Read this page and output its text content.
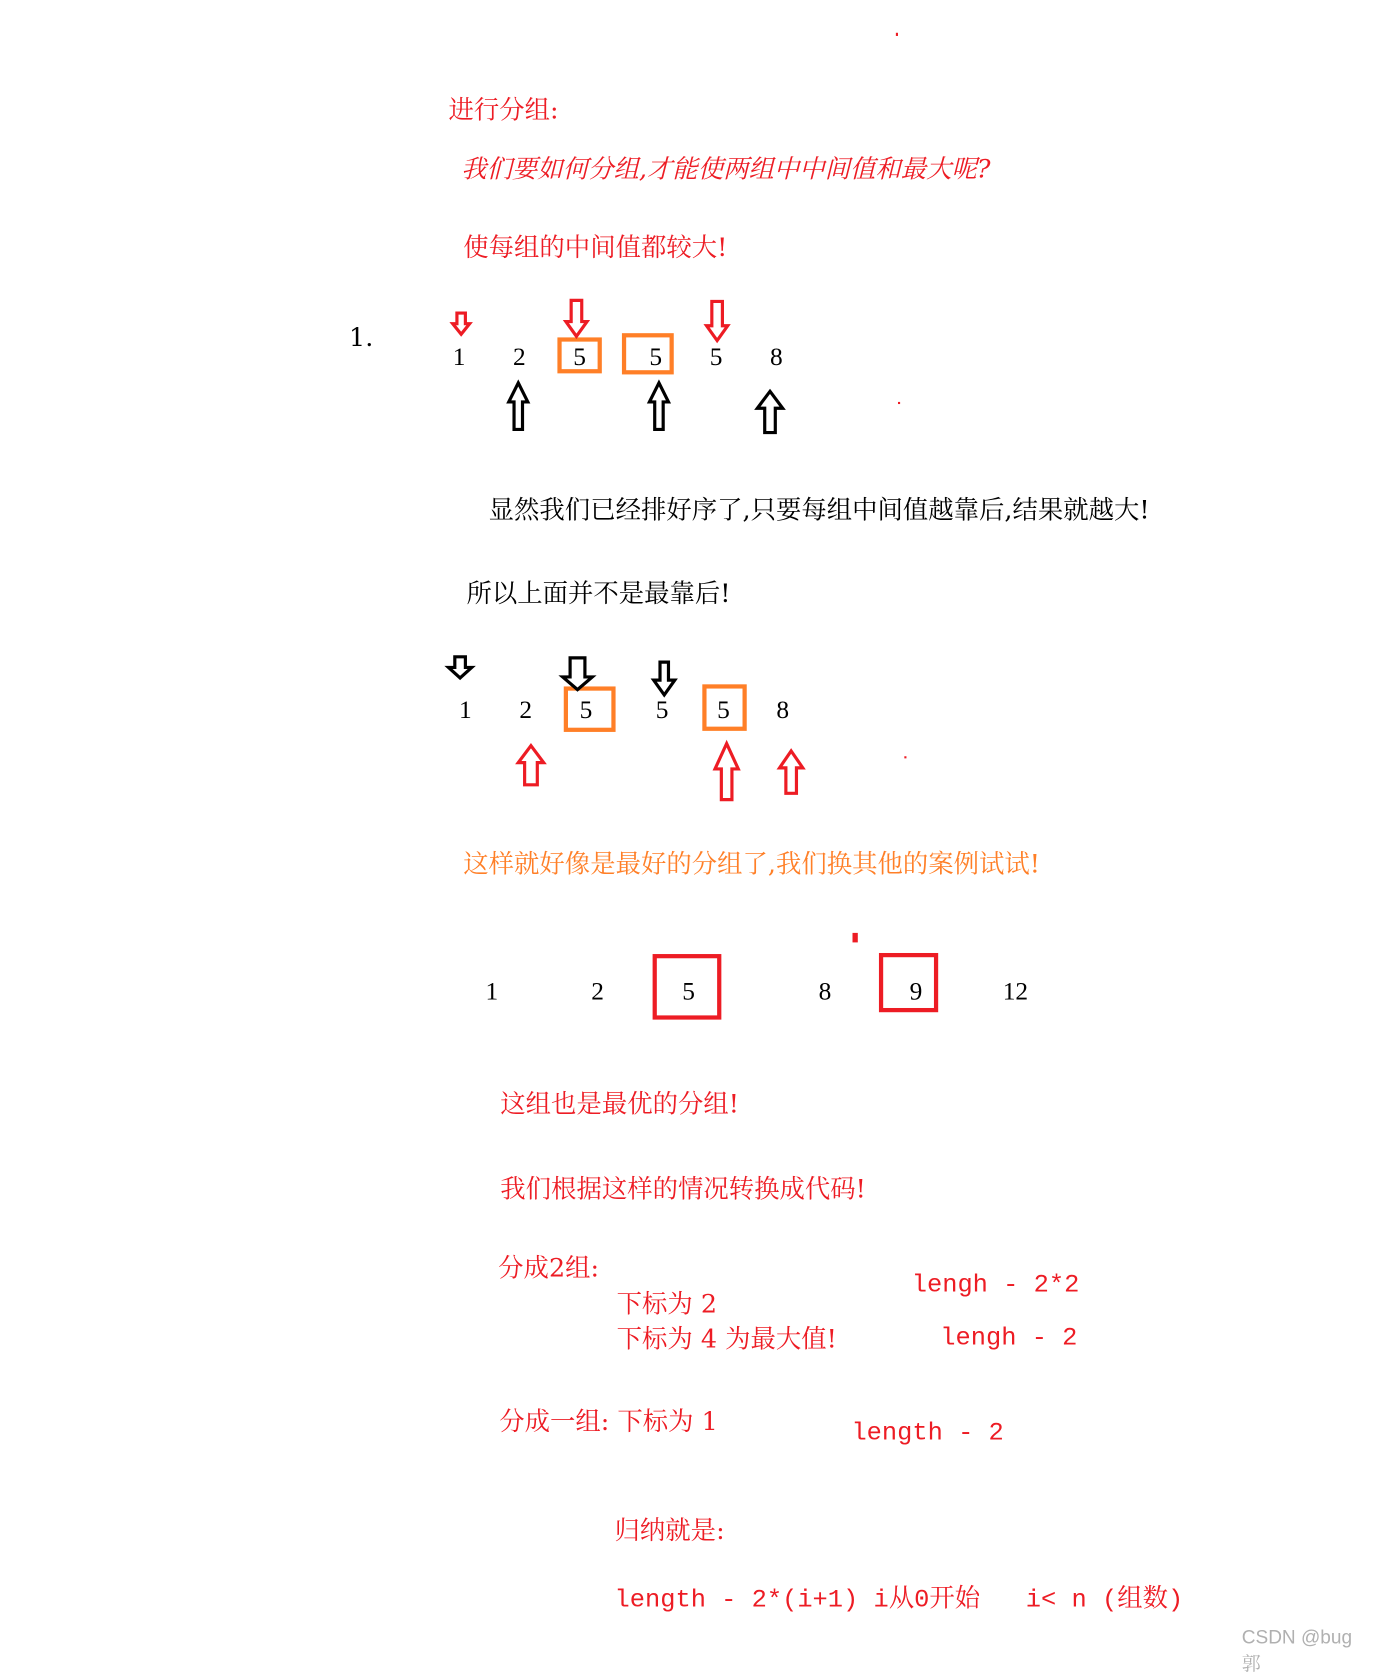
进行分组:
我们要如何分组,才能使两组中中间值和最大呢?
使每组的中间值都较大!
1.
1	2	5	5	5	8
显然我们已经排好序了,只要每组中间值越靠后,结果就越大!
所以上面并不是最靠后!
1	2	5	5	5	8
这样就好像是最好的分组了,我们换其他的案例试试!
1	2	5	8	9	12
这组也是最优的分组!
我们根据这样的情况转换成代码!
分成2组:
下标为 2
下标为 4 为最大值!
lengh - 2*2
lengh - 2
分成一组: 下标为 1	length - 2
归纳就是:
length - 2*(i+1) i从0开始   i< n (组数)
CSDN @bug 郭
